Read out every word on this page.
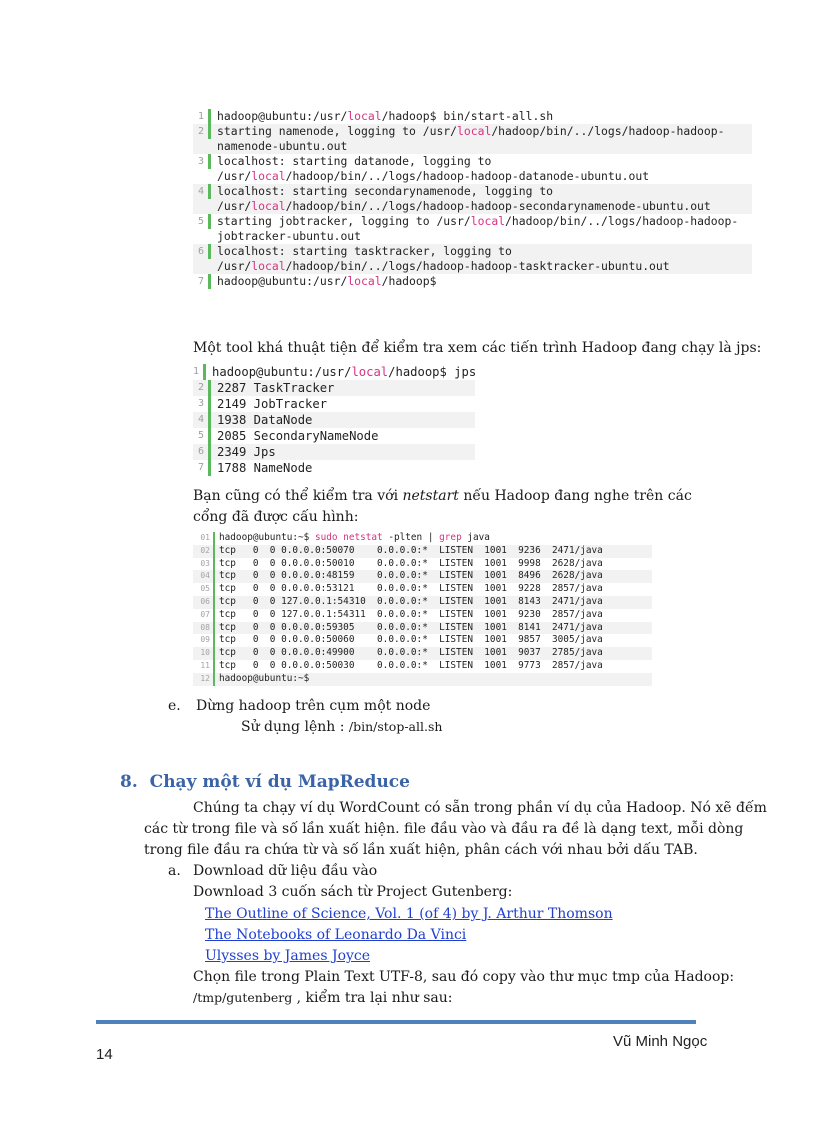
1	hadoop@ubuntu:/usr/local/hadoop$ bin/start-all.sh
2	starting namenode, logging to /usr/local/hadoop/bin/../logs/hadoop-hadoop-namenode-ubuntu.out
3	localhost: starting datanode, logging to /usr/local/hadoop/bin/../logs/hadoop-hadoop-datanode-ubuntu.out
4	localhost: starting secondarynamenode, logging to /usr/local/hadoop/bin/../logs/hadoop-hadoop-secondarynamenode-ubuntu.out
5	starting jobtracker, logging to /usr/local/hadoop/bin/../logs/hadoop-hadoop-jobtracker-ubuntu.out
6	localhost: starting tasktracker, logging to /usr/local/hadoop/bin/../logs/hadoop-hadoop-tasktracker-ubuntu.out
7	hadoop@ubuntu:/usr/local/hadoop$
Một tool khá thuật tiện để kiểm tra xem các tiến trình Hadoop đang chạy là jps:
1	hadoop@ubuntu:/usr/local/hadoop$ jps
2	2287 TaskTracker
3	2149 JobTracker
4	1938 DataNode
5	2085 SecondaryNameNode
6	2349 Jps
7	1788 NameNode
Bạn cũng có thể kiểm tra với netstart nếu Hadoop đang nghe trên các cổng đã được cấu hình:
01 hadoop@ubuntu:~$ sudo netstat -plten | grep java
02 tcp   0  0 0.0.0.0:50070    0.0.0.0:*  LISTEN  1001  9236  2471/java
03 tcp   0  0 0.0.0.0:50010    0.0.0.0:*  LISTEN  1001  9998  2628/java
04 tcp   0  0 0.0.0.0:48159    0.0.0.0:*  LISTEN  1001  8496  2628/java
05 tcp   0  0 0.0.0.0:53121    0.0.0.0:*  LISTEN  1001  9228  2857/java
06 tcp   0  0 127.0.0.1:54310  0.0.0.0:*  LISTEN  1001  8143  2471/java
07 tcp   0  0 127.0.0.1:54311  0.0.0.0:*  LISTEN  1001  9230  2857/java
08 tcp   0  0 0.0.0.0:59305    0.0.0.0:*  LISTEN  1001  8141  2471/java
09 tcp   0  0 0.0.0.0:50060    0.0.0.0:*  LISTEN  1001  9857  3005/java
10 tcp   0  0 0.0.0.0:49900    0.0.0.0:*  LISTEN  1001  9037  2785/java
11 tcp   0  0 0.0.0.0:50030    0.0.0.0:*  LISTEN  1001  9773  2857/java
12 hadoop@ubuntu:~$
e. Dừng hadoop trên cụm một node
Sử dụng lệnh : /bin/stop-all.sh
8. Chạy một ví dụ MapReduce
Chúng ta chạy ví dụ WordCount có sẵn trong phần ví dụ của Hadoop. Nó xẽ đếm
các từ trong file và số lần xuất hiện. file đầu vào và đầu ra đề là dạng text, mỗi dòng
trong file đầu ra chứa từ và số lần xuất hiện, phân cách với nhau bởi dấu TAB.
a. Download dữ liệu đầu vào
Download 3 cuốn sách từ Project Gutenberg:
The Outline of Science, Vol. 1 (of 4) by J. Arthur Thomson
The Notebooks of Leonardo Da Vinci
Ulysses by James Joyce
Chọn file trong Plain Text UTF-8, sau đó copy vào thư mục tmp của Hadoop:
/tmp/gutenberg , kiểm tra lại như sau:
Vũ Minh Ngọc
14
